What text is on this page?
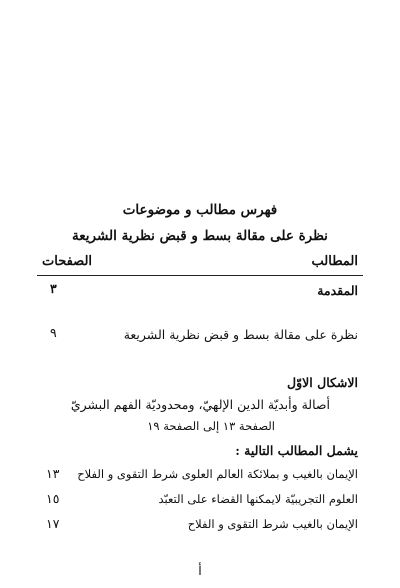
فهرس مطالب و موضوعات
نظرة على مقالة بسط و قبض نظرية الشريعة
المطالب
الصفحات
المقدمة
٣
نظرة على مقالة بسط و قبض نظرية الشريعة
٩
الاشكال الاوّل
أصالة وأبديّة الدين الإلهيّ، ومحدوديّة الفهم البشريّ
الصفحة ١٣ إلى الصفحة ١٩
يشمل المطالب التالية :
الإيمان بالغيب و بملائكة العالم العلوى شرط التقوى و الفلاح
١٣
العلوم التجريبيّة لايمكنها القضاء على التعبّد
١٥
الإيمان بالغيب شرط التقوى و الفلاح
١٧
أ
